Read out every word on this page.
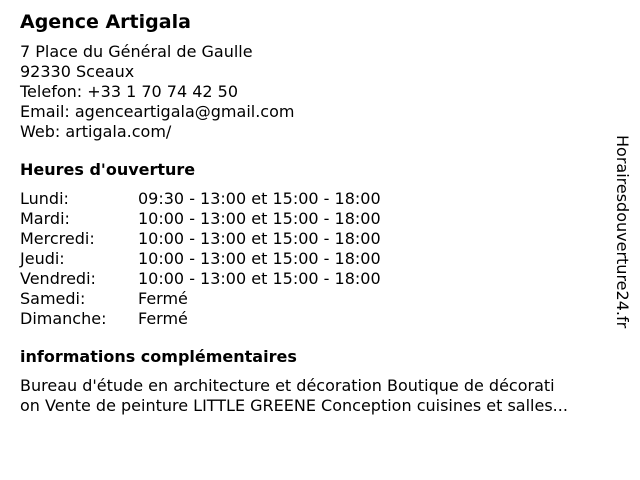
Agence Artigala
7 Place du Général de Gaulle
92330 Sceaux
Telefon: +33 1 70 74 42 50
Email: agenceartigala@gmail.com
Web: artigala.com/
Heures d'ouverture
Lundi:	09:30 - 13:00 et 15:00 - 18:00
Mardi:	10:00 - 13:00 et 15:00 - 18:00
Mercredi:	10:00 - 13:00 et 15:00 - 18:00
Jeudi:	10:00 - 13:00 et 15:00 - 18:00
Vendredi:	10:00 - 13:00 et 15:00 - 18:00
Samedi:	Fermé
Dimanche:	Fermé
informations complémentaires
Bureau d'étude en architecture et décoration Boutique de décorati
on Vente de peinture LITTLE GREENE Conception cuisines et salles...
Horairesdouverture24.fr
